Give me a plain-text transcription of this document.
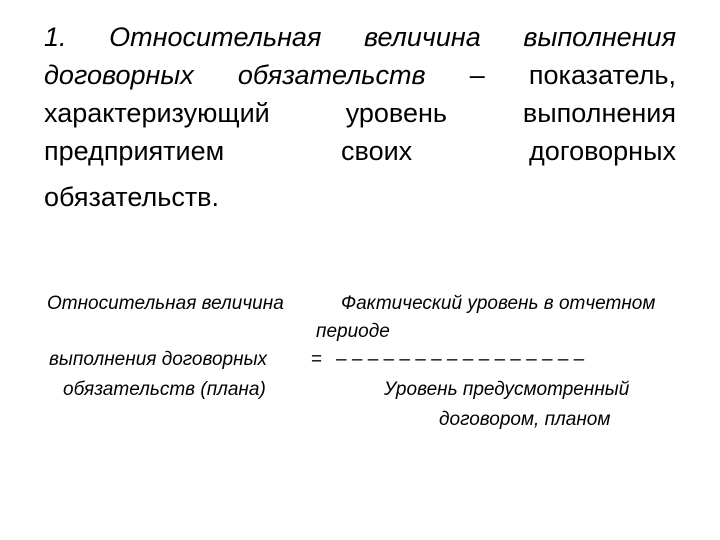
1. Относительная величина выполнения
договорных обязательств – показатель,
характеризующий	уровень	выполнения
предприятием	своих	договорных
обязательств.
Относительная величина	Фактический уровень в отчетном
периоде
выполнения договорных = – – – – – – – – – – – – – – – –
обязательств (плана)	Уровень предусмотренный
договором, планом
